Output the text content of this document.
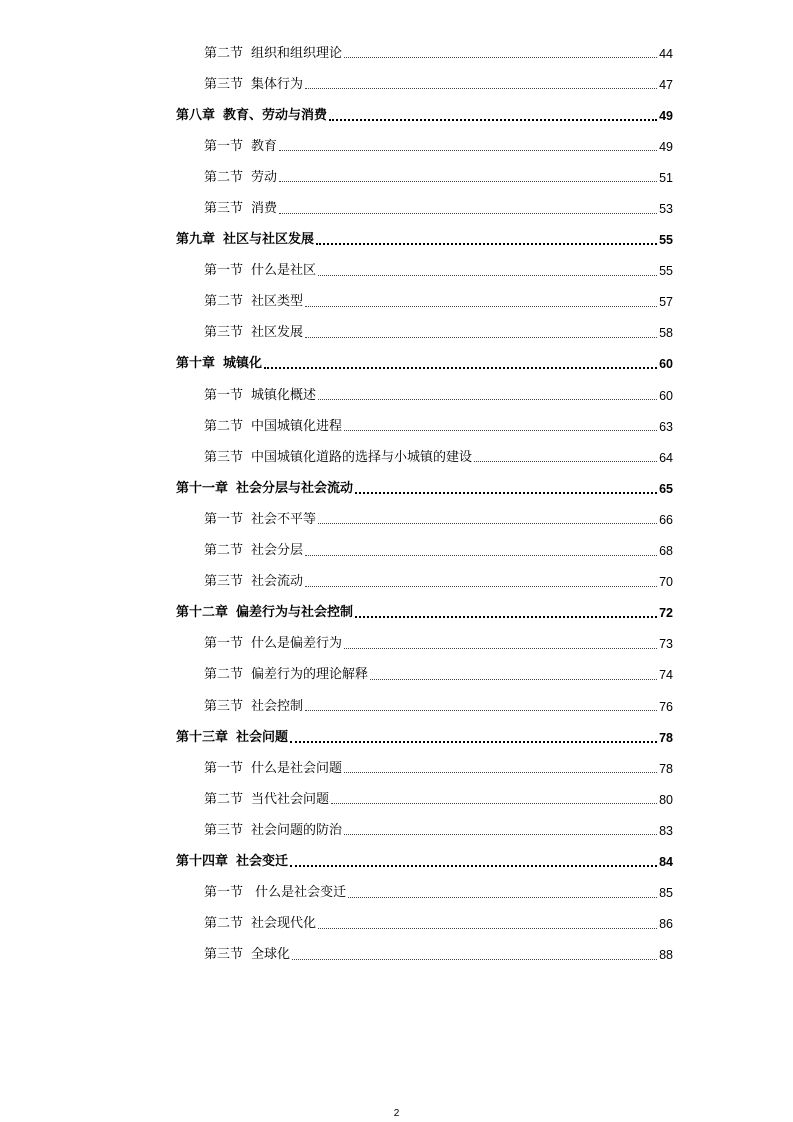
第二节 组织和组织理论	44
第三节 集体行为	47
第八章 教育、劳动与消费	49
第一节 教育	49
第二节 劳动	51
第三节 消费	53
第九章 社区与社区发展	55
第一节 什么是社区	55
第二节 社区类型	57
第三节 社区发展	58
第十章 城镇化	60
第一节 城镇化概述	60
第二节 中国城镇化进程	63
第三节 中国城镇化道路的选择与小城镇的建设	64
第十一章 社会分层与社会流动	65
第一节 社会不平等	66
第二节 社会分层	68
第三节 社会流动	70
第十二章 偏差行为与社会控制	72
第一节 什么是偏差行为	73
第二节 偏差行为的理论解释	74
第三节 社会控制	76
第十三章 社会问题	78
第一节 什么是社会问题	78
第二节 当代社会问题	80
第三节 社会问题的防治	83
第十四章 社会变迁	84
第一节 什么是社会变迁	85
第二节 社会现代化	86
第三节 全球化	88
2
